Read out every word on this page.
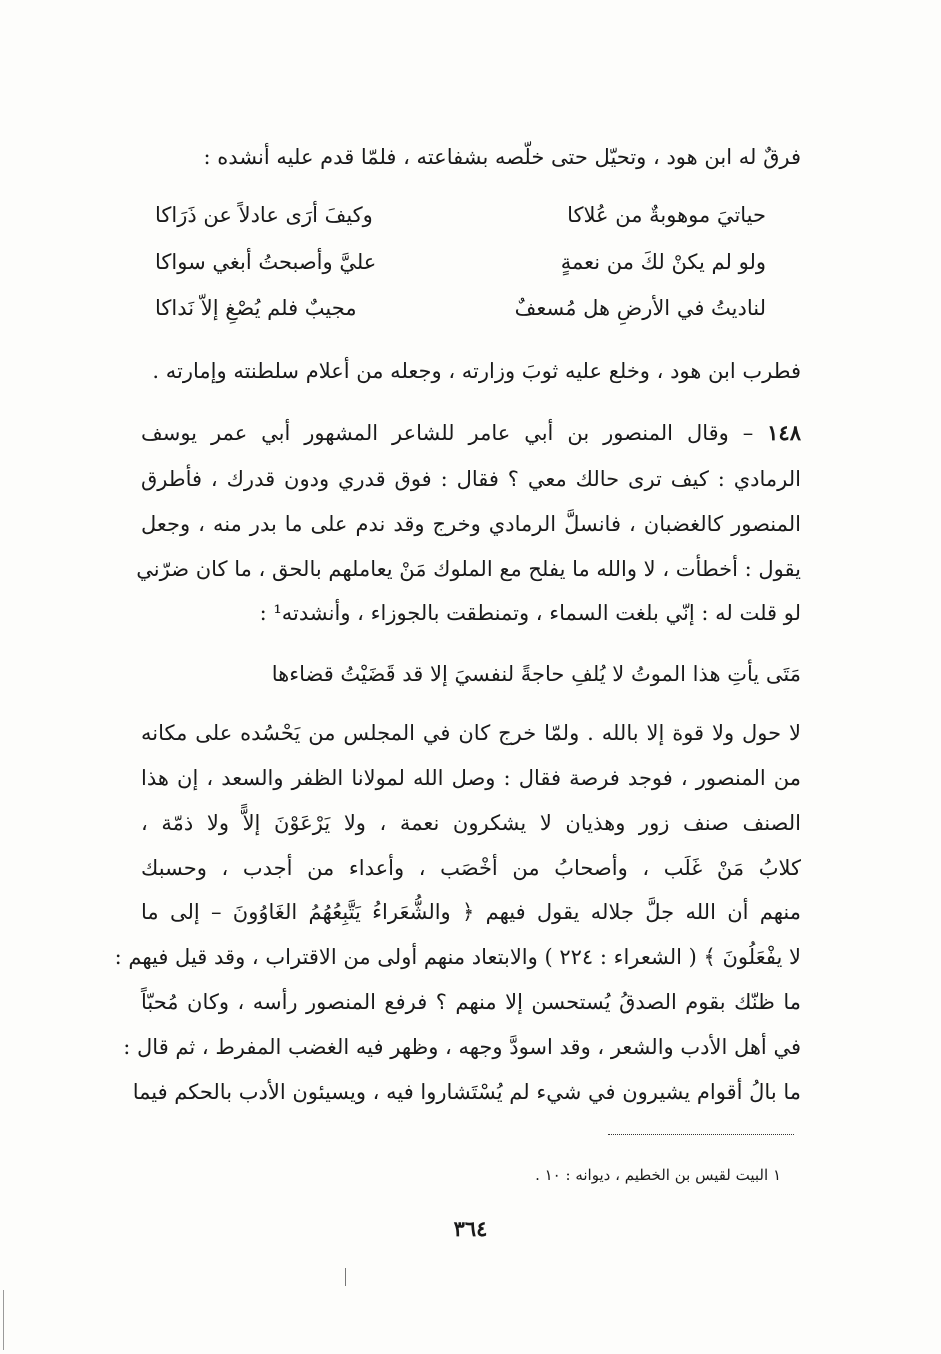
فرقٌ له ابن هود ، وتحيّل حتى خلّصه بشفاعته ، فلمّا قدم عليه أنشده :
حياتيَ موهوبةٌ من عُلاكا
وكيفَ أرَى عادلاً عن ذَرَاكا
ولو لم يكنْ لكَ من نعمةٍ
عليَّ وأصبحتُ أبغي سواكا
لناديتُ في الأرضِ هل مُسعفٌ
مجيبٌ فلم يُصْغِ إلاّ نَداكا
فطرب ابن هود ، وخلع عليه ثوبَ وزارته ، وجعله من أعلام سلطنته وإمارته .
١٤٨ – وقال المنصور بن أبي عامر للشاعر المشهور أبي عمر يوسف
الرمادي : كيف ترى حالك معي ؟ فقال : فوق قدري ودون قدرك ، فأطرق
المنصور كالغضبان ، فانسلَّ الرمادي وخرج وقد ندم على ما بدر منه ، وجعل
يقول : أخطأت ، لا والله ما يفلح مع الملوك مَنْ يعاملهم بالحق ، ما كان ضرّني
لو قلت له : إنّي بلغت السماء ، وتمنطقت بالجوزاء ، وأنشدته¹ :
مَتَى يأتِ هذا الموتُ لا يُلفِ حاجةً لنفسيَ إلا قد قَضَيْتُ قضاءها
لا حول ولا قوة إلا بالله . ولمّا خرج كان في المجلس من يَحْسُده على مكانه
من المنصور ، فوجد فرصة فقال : وصل الله لمولانا الظفر والسعد ، إن هذا
الصنف صنف زور وهذيان لا يشكرون نعمة ، ولا يَرْعَوْنَ إلاًّ ولا ذمّة ،
كلابُ مَنْ غَلَب ، وأصحابُ من أخْصَب ، وأعداء من أجدب ، وحسبك
منهم أن الله جلَّ جلاله يقول فيهم ﴿ والشُّعَراءُ يَتَّبِعُهُمُ الغَاوُونَ – إلى ما
لا يفْعَلُونَ ﴾ ( الشعراء : ٢٢٤ ) والابتعاد منهم أولى من الاقتراب ، وقد قيل فيهم :
ما ظنّك بقوم الصدقُ يُستحسن إلا منهم ؟ فرفع المنصور رأسه ، وكان مُحبّاً
في أهل الأدب والشعر ، وقد اسودَّ وجهه ، وظهر فيه الغضب المفرط ، ثم قال :
ما بالُ أقوام يشيرون في شيء لم يُسْتَشاروا فيه ، ويسيئون الأدب بالحكم فيما
١ البيت لقيس بن الخطيم ، ديوانه : ١٠ .
٣٦٤
